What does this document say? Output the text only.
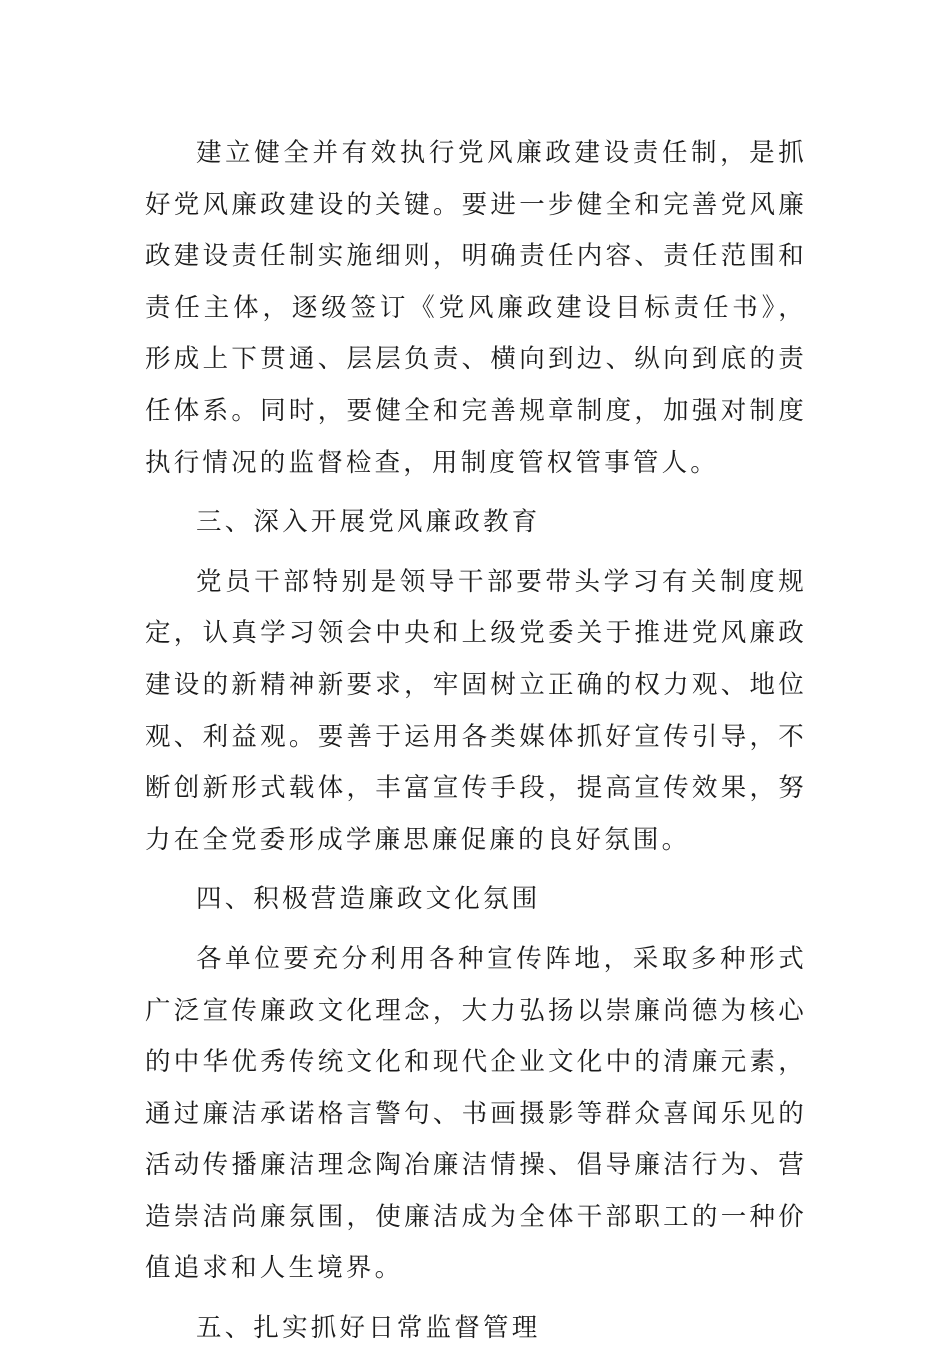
建立健全并有效执行党风廉政建设责任制，是抓好党风廉政建设的关键。要进一步健全和完善党风廉政建设责任制实施细则，明确责任内容、责任范围和责任主体，逐级签订《党风廉政建设目标责任书》，形成上下贯通、层层负责、横向到边、纵向到底的责任体系。同时，要健全和完善规章制度，加强对制度执行情况的监督检查，用制度管权管事管人。

三、深入开展党风廉政教育

党员干部特别是领导干部要带头学习有关制度规定，认真学习领会中央和上级党委关于推进党风廉政建设的新精神新要求，牢固树立正确的权力观、地位观、利益观。要善于运用各类媒体抓好宣传引导，不断创新形式载体，丰富宣传手段，提高宣传效果，努力在全党委形成学廉思廉促廉的良好氛围。

四、积极营造廉政文化氛围

各单位要充分利用各种宣传阵地，采取多种形式广泛宣传廉政文化理念，大力弘扬以崇廉尚德为核心的中华优秀传统文化和现代企业文化中的清廉元素，通过廉洁承诺格言警句、书画摄影等群众喜闻乐见的活动传播廉洁理念陶冶廉洁情操、倡导廉洁行为、营造崇洁尚廉氛围，使廉洁成为全体干部职工的一种价值追求和人生境界。

五、扎实抓好日常监督管理
